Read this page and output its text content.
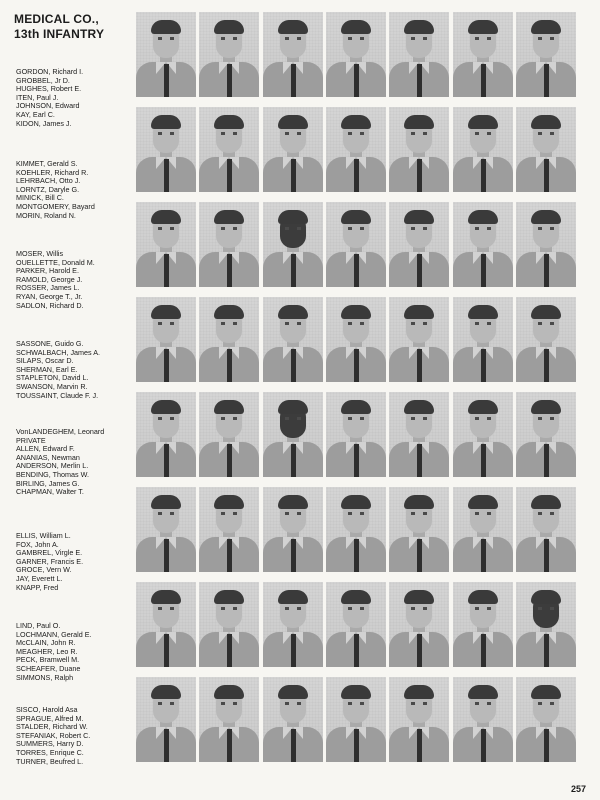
MEDICAL CO.,
13th INFANTRY
GORDON, Richard I.
GROBBEL, Jr D.
HUGHES, Robert E.
ITEN, Paul J.
JOHNSON, Edward
KAY, Earl C.
KIDON, James J.
KIMMET, Gerald S.
KOEHLER, Richard R.
LEHRBACH, Otto J.
LORNTZ, Daryle G.
MINICK, Bill C.
MONTGOMERY, Bayard
MORIN, Roland N.
MOSER, Willis
OUELLETTE, Donald M.
PARKER, Harold E.
RAMOLD, George J.
ROSSER, James L.
RYAN, George T., Jr.
SADLON, Richard D.
SASSONE, Guido G.
SCHWALBACH, James A.
SILAPS, Oscar D.
SHERMAN, Earl E.
STAPLETON, David L.
SWANSON, Marvin R.
TOUSSAINT, Claude F. J.
VonLANDEGHEM, Leonard
PRIVATE
ALLEN, Edward F.
ANANIAS, Newman
ANDERSON, Merlin L.
BENDING, Thomas W.
BIRLING, James G.
CHAPMAN, Walter T.
ELLIS, William L.
FOX, John A.
GAMBREL, Virgle E.
GARNER, Francis E.
GROCE, Vern W.
JAY, Everett L.
KNAPP, Fred
LIND, Paul O.
LOCHMANN, Gerald E.
McCLAIN, John R.
MEAGHER, Leo R.
PECK, Bramwell M.
SCHEAFER, Duane
SIMMONS, Ralph
SISCO, Harold Asa
SPRAGUE, Alfred M.
STALDER, Richard W.
STEFANIAK, Robert C.
SUMMERS, Harry D.
TORRES, Enrique C.
TURNER, Beufred L.
257
